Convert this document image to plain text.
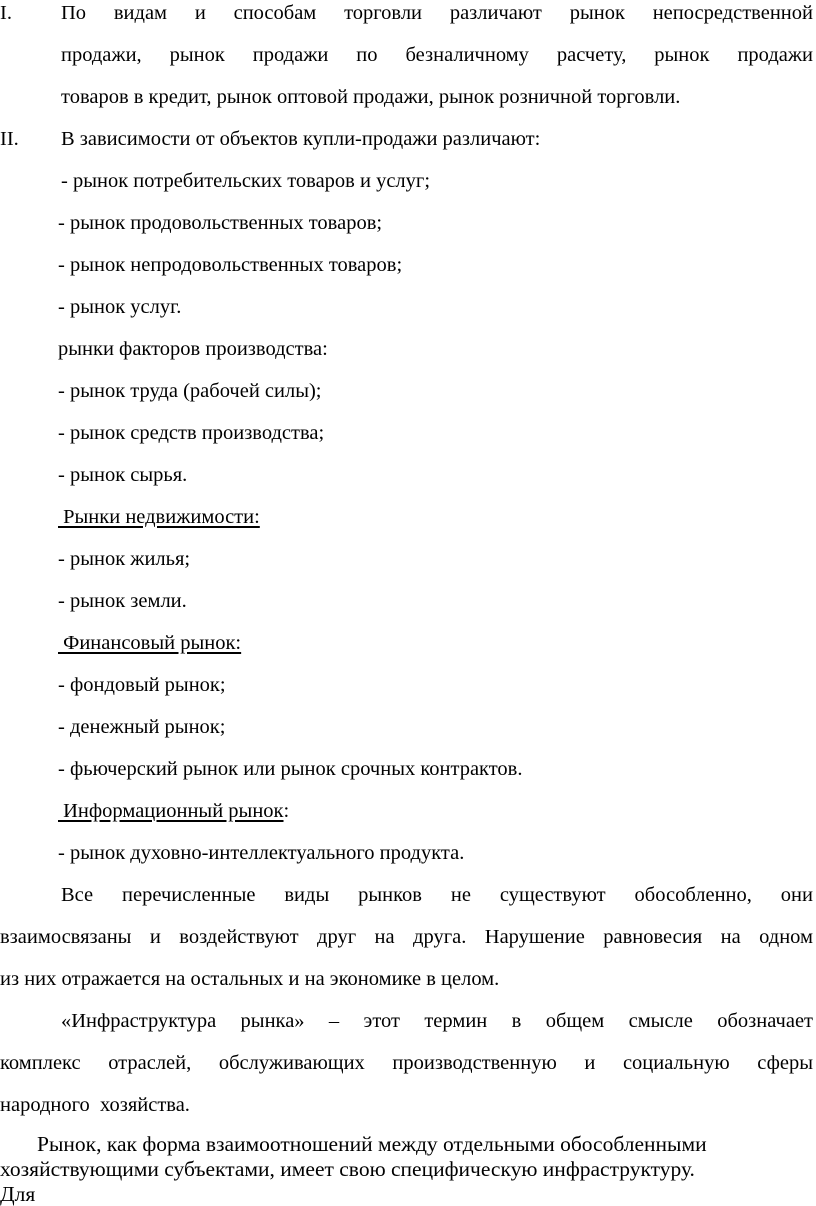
I. По видам и способам торговли различают рынок непосредственной
продажи, рынок продажи по безналичному расчету, рынок продажи
товаров в кредит, рынок оптовой продажи, рынок розничной торговли.
II. В зависимости от объектов купли-продажи различают:
- рынок потребительских товаров и услуг;
- рынок продовольственных товаров;
- рынок непродовольственных товаров;
- рынок услуг.
рынки факторов производства:
- рынок труда (рабочей силы);
- рынок средств производства;
- рынок сырья.
Рынки недвижимости:
- рынок жилья;
- рынок земли.
Финансовый рынок:
- фондовый рынок;
- денежный рынок;
- фьючерский рынок или рынок срочных контрактов.
Информационный рынок:
- рынок духовно-интеллектуального продукта.
Все перечисленные виды рынков не существуют обособленно, они
взаимосвязаны и воздействуют друг на друга. Нарушение равновесия на одном
из них отражается на остальных и на экономике в целом.
«Инфраструктура рынка» – этот термин в общем смысле обозначает
комплекс отраслей, обслуживающих производственную и социальную сферы
народного  хозяйства.
Рынок, как форма взаимоотношений между отдельными обособленными
хозяйствующими субъектами, имеет свою специфическую инфраструктуру.
Для
